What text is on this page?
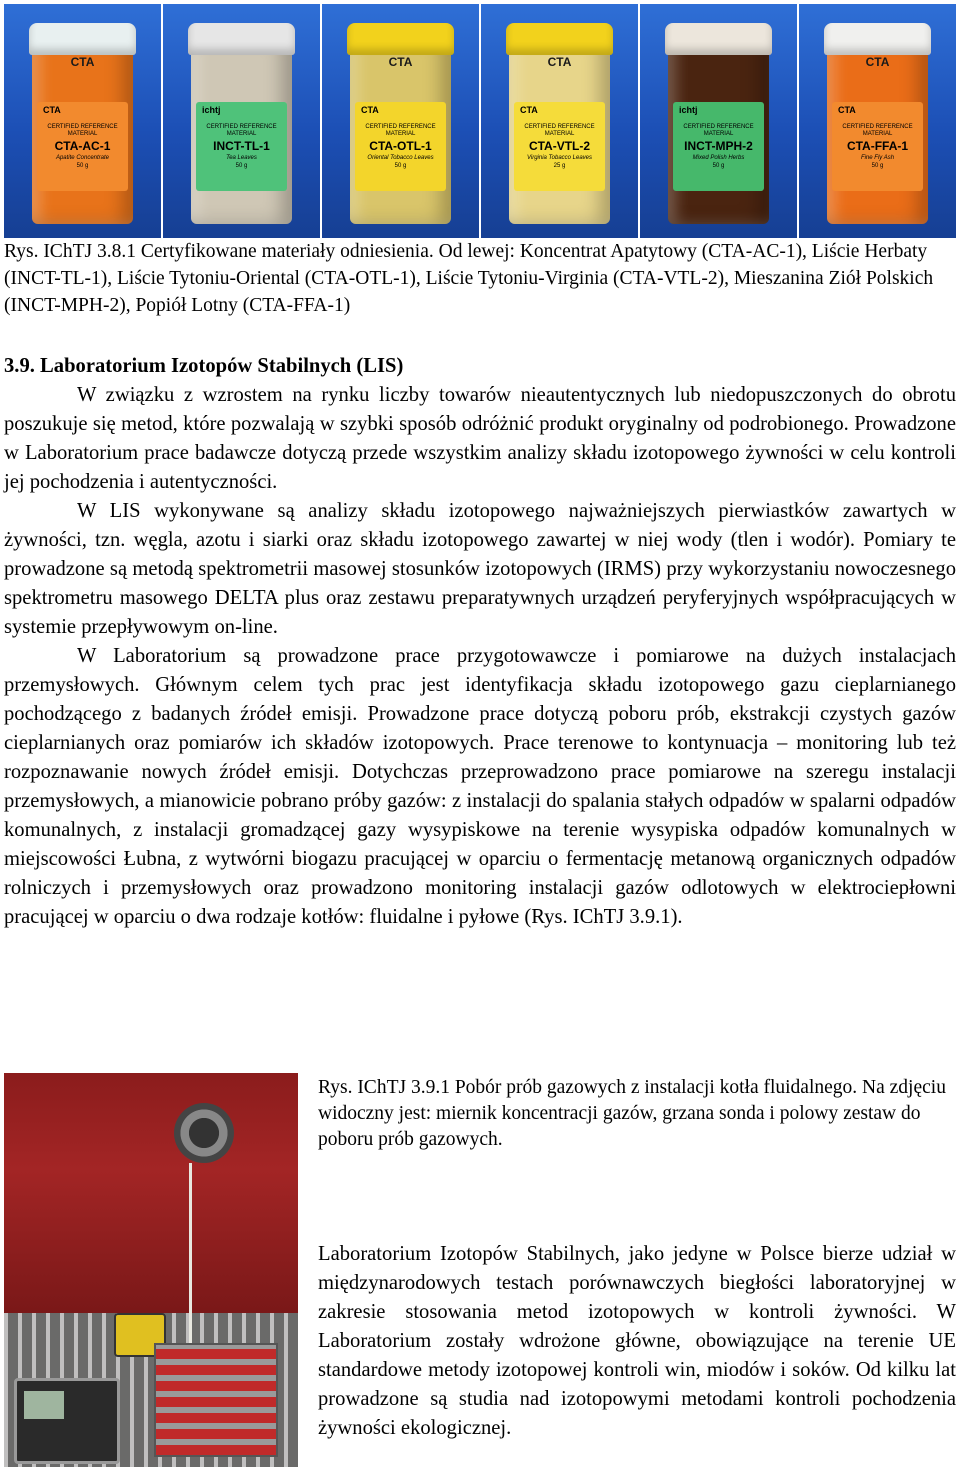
CTA
CTA
CERTIFIED REFERENCE MATERIAL
CTA-AC-1
Apatite Concentrate
50 g
ichtj
CERTIFIED REFERENCE MATERIAL
INCT-TL-1
Tea Leaves
50 g
CTA
CTA
CERTIFIED REFERENCE MATERIAL
CTA-OTL-1
Oriental Tobacco Leaves
50 g
CTA
CTA
CERTIFIED REFERENCE MATERIAL
CTA-VTL-2
Virginia Tobacco Leaves
25 g
ichtj
CERTIFIED REFERENCE MATERIAL
INCT-MPH-2
Mixed Polish Herbs
50 g
CTA
CTA
CERTIFIED REFERENCE MATERIAL
CTA-FFA-1
Fine Fly Ash
50 g
Rys. IChTJ 3.8.1 Certyfikowane materiały odniesienia. Od lewej: Koncentrat Apatytowy (CTA-AC-1), Liście Herbaty (INCT-TL-1), Liście Tytoniu-Oriental (CTA-OTL-1), Liście Tytoniu-Virginia (CTA-VTL-2), Mieszanina Ziół Polskich (INCT-MPH-2), Popiół Lotny (CTA-FFA-1)
3.9. Laboratorium Izotopów Stabilnych (LIS)

W związku z wzrostem na rynku liczby towarów nieautentycznych lub niedopuszczonych do obrotu poszukuje się metod, które pozwalają w szybki sposób odróżnić produkt oryginalny od podrobionego. Prowadzone w Laboratorium prace badawcze dotyczą przede wszystkim analizy składu izotopowego żywności w celu kontroli jej pochodzenia i autentyczności.

W LIS wykonywane są analizy składu izotopowego najważniejszych pierwiastków zawartych w żywności, tzn. węgla, azotu i siarki oraz składu izotopowego zawartej w niej wody (tlen i wodór). Pomiary te prowadzone są metodą spektrometrii masowej stosunków izotopowych (IRMS) przy wykorzystaniu nowoczesnego spektrometru masowego DELTA plus oraz zestawu preparatywnych urządzeń peryferyjnych współpracujących w systemie przepływowym on-line.

W Laboratorium są prowadzone prace przygotowawcze i pomiarowe na dużych instalacjach przemysłowych. Głównym celem tych prac jest identyfikacja składu izotopowego gazu cieplarnianego pochodzącego z badanych źródeł emisji. Prowadzone prace dotyczą poboru prób, ekstrakcji czystych gazów cieplarnianych oraz pomiarów ich składów izotopowych. Prace terenowe to kontynuacja – monitoring lub też rozpoznawanie nowych źródeł emisji. Dotychczas przeprowadzono prace pomiarowe na szeregu instalacji przemysłowych, a mianowicie pobrano próby gazów: z instalacji do spalania stałych odpadów w spalarni odpadów komunalnych, z instalacji gromadzącej gazy wysypiskowe na terenie wysypiska odpadów komunalnych w miejscowości Łubna, z wytwórni biogazu pracującej w oparciu o fermentację metanową organicznych odpadów rolniczych i przemysłowych oraz prowadzono monitoring instalacji gazów odlotowych w elektrociepłowni pracującej w oparciu o dwa rodzaje kotłów: fluidalne i pyłowe (Rys. IChTJ 3.9.1).

Rys. IChTJ 3.9.1 Pobór prób gazowych z instalacji kotła fluidalnego. Na zdjęciu widoczny jest: miernik koncentracji gazów, grzana sonda i polowy zestaw do poboru prób gazowych.
Laboratorium Izotopów Stabilnych, jako jedyne w Polsce bierze udział w międzynarodowych testach porównawczych biegłości laboratoryjnej w zakresie stosowania metod izotopowych w kontroli żywności. W Laboratorium zostały wdrożone główne, obowiązujące na terenie UE standardowe metody izotopowej kontroli win, miodów i soków. Od kilku lat prowadzone są studia nad izotopowymi metodami kontroli pochodzenia żywności ekologicznej.
